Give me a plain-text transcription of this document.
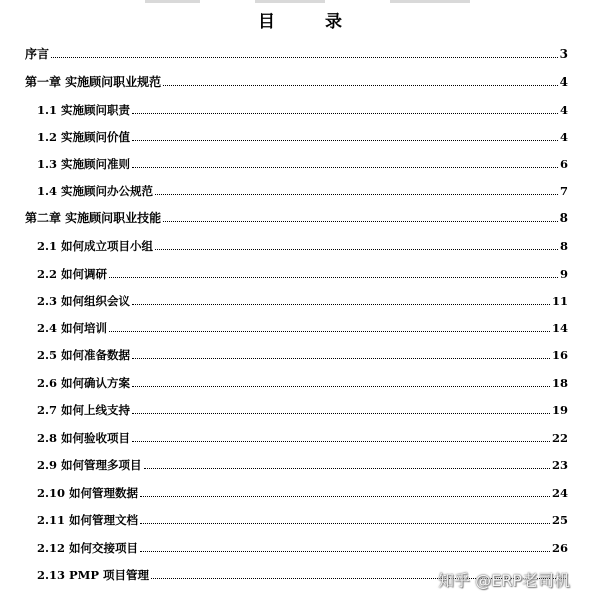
目 录
序言	3
第一章 实施顾问职业规范	4
1.1 实施顾问职责	4
1.2 实施顾问价值	4
1.3 实施顾问准则	6
1.4 实施顾问办公规范	7
第二章 实施顾问职业技能	8
2.1 如何成立项目小组	8
2.2 如何调研	9
2.3 如何组织会议	11
2.4 如何培训	14
2.5 如何准备数据	16
2.6 如何确认方案	18
2.7 如何上线支持	19
2.8 如何验收项目	22
2.9 如何管理多项目	23
2.10 如何管理数据	24
2.11 如何管理文档	25
2.12 如何交接项目	26
2.13 PMP 项目管理	知乎 @ERP老司机
